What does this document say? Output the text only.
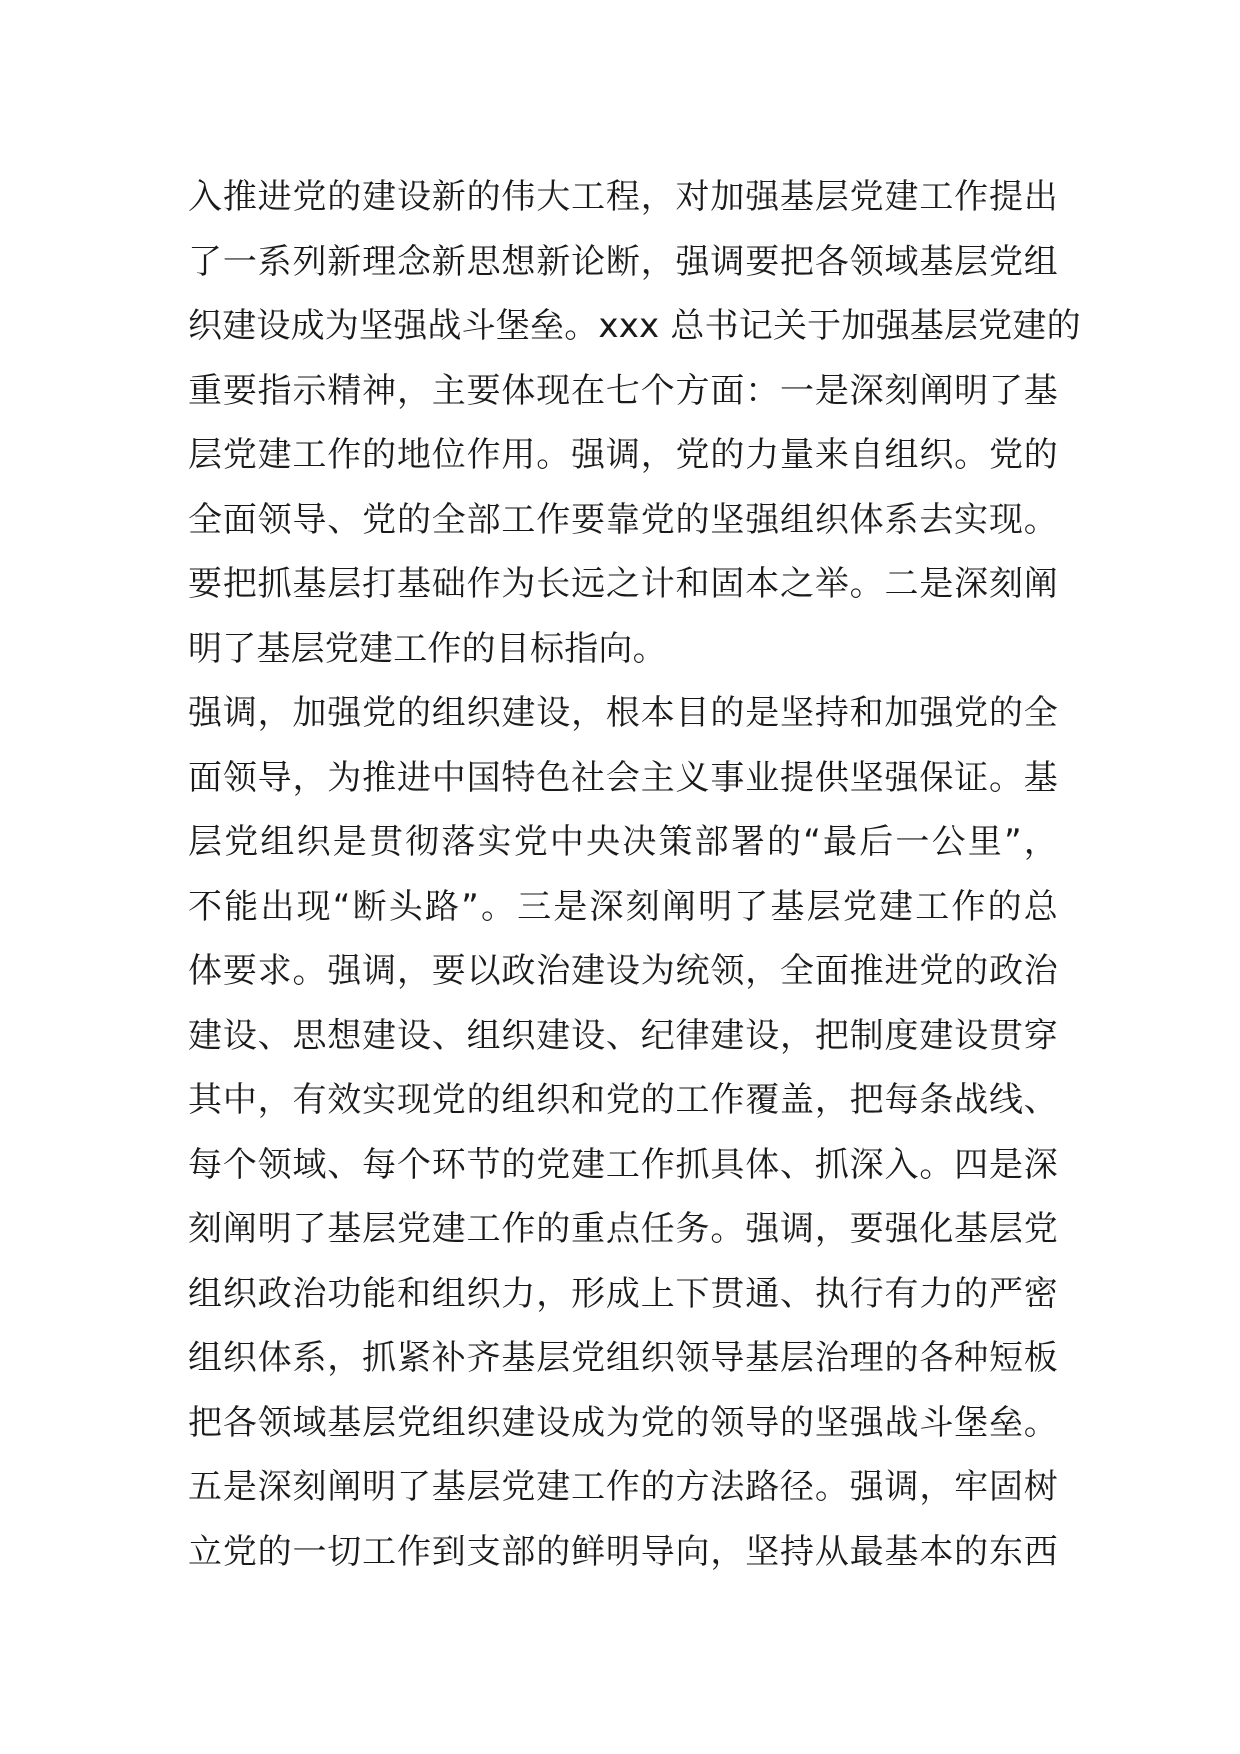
入推进党的建设新的伟大工程，对加强基层党建工作提出
了一系列新理念新思想新论断，强调要把各领域基层党组
织建设成为坚强战斗堡垒。xxx 总书记关于加强基层党建的
重要指示精神，主要体现在七个方面：一是深刻阐明了基
层党建工作的地位作用。强调，党的力量来自组织。党的
全面领导、党的全部工作要靠党的坚强组织体系去实现。
要把抓基层打基础作为长远之计和固本之举。二是深刻阐
明了基层党建工作的目标指向。
强调，加强党的组织建设，根本目的是坚持和加强党的全
面领导，为推进中国特色社会主义事业提供坚强保证。基
层党组织是贯彻落实党中央决策部署的“最后一公里”，
不能出现“断头路”。三是深刻阐明了基层党建工作的总
体要求。强调，要以政治建设为统领，全面推进党的政治
建设、思想建设、组织建设、纪律建设，把制度建设贯穿
其中，有效实现党的组织和党的工作覆盖，把每条战线、
每个领域、每个环节的党建工作抓具体、抓深入。四是深
刻阐明了基层党建工作的重点任务。强调，要强化基层党
组织政治功能和组织力，形成上下贯通、执行有力的严密
组织体系，抓紧补齐基层党组织领导基层治理的各种短板
把各领域基层党组织建设成为党的领导的坚强战斗堡垒。
五是深刻阐明了基层党建工作的方法路径。强调，牢固树
立党的一切工作到支部的鲜明导向，坚持从最基本的东西
